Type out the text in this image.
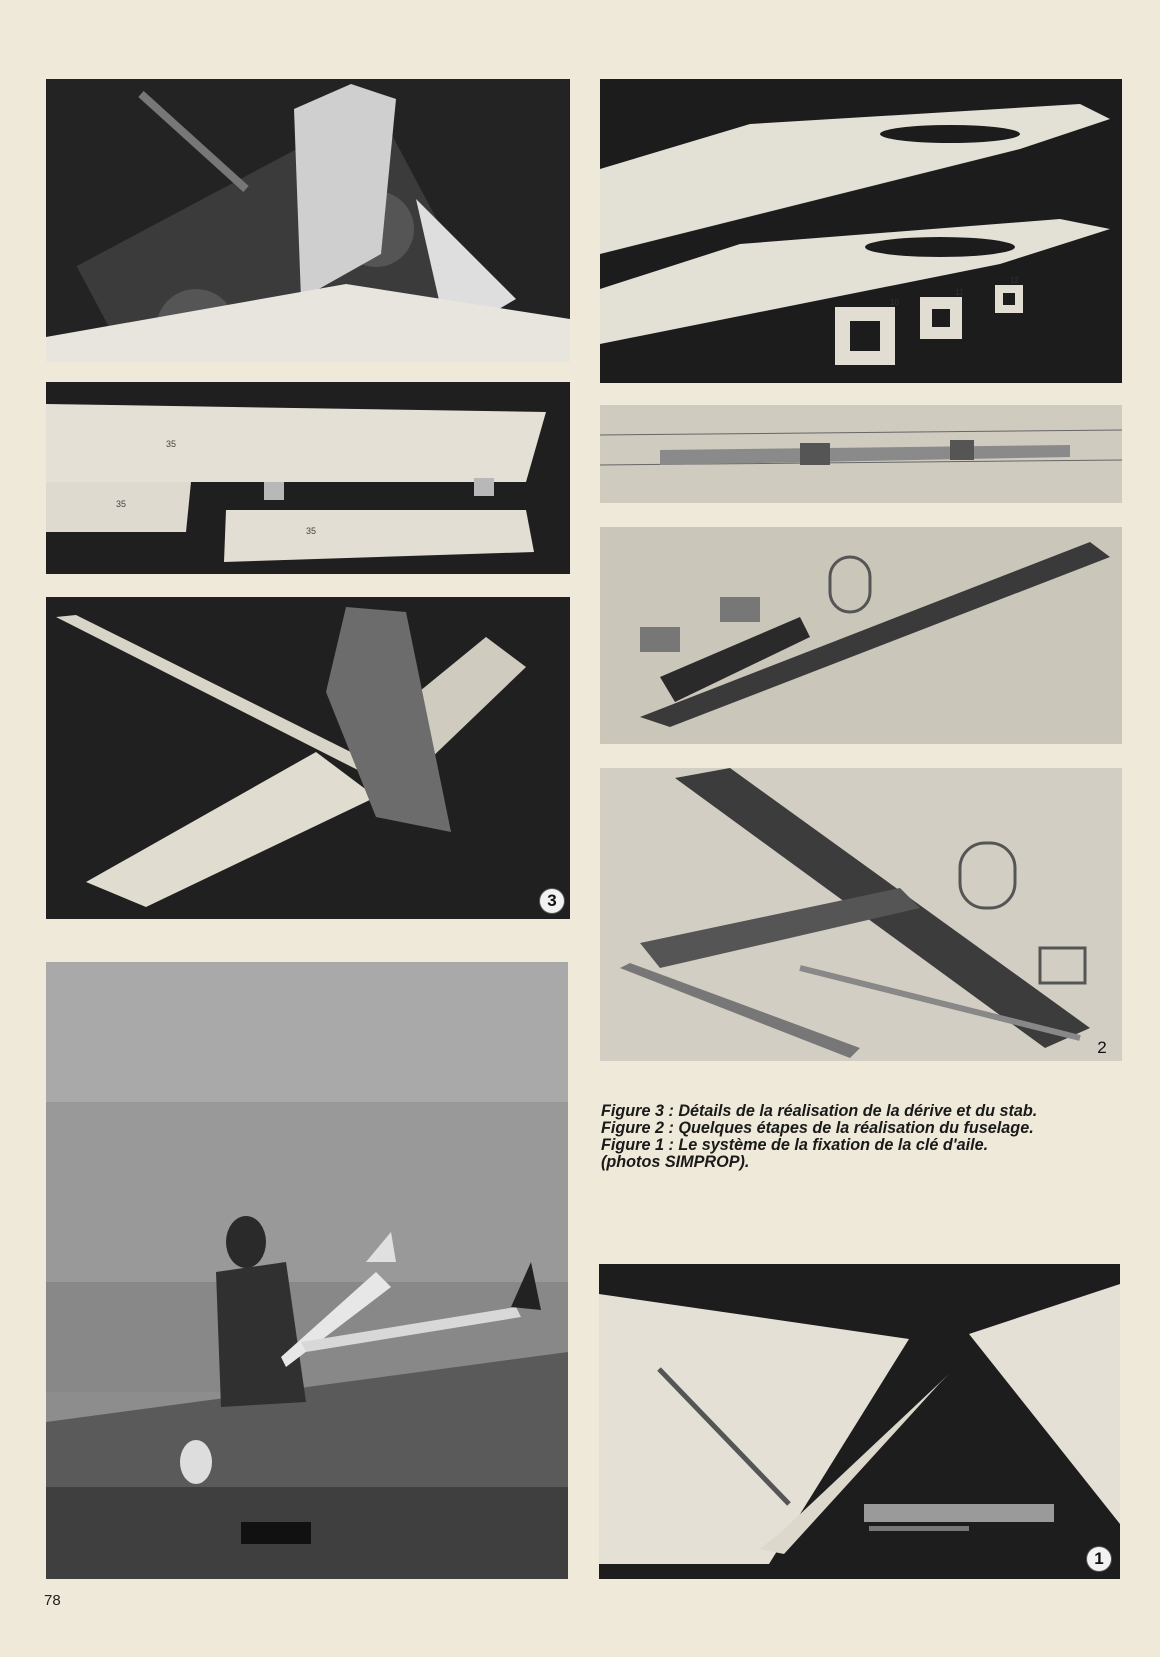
35
35
35
3
10
11
12
2
Figure 3 : Détails de la réalisation de la dérive et du stab.
Figure 2 : Quelques étapes de la réalisation du fuselage.
Figure 1 : Le système de la fixation de la clé d'aile.
(photos SIMPROP).
1
78
